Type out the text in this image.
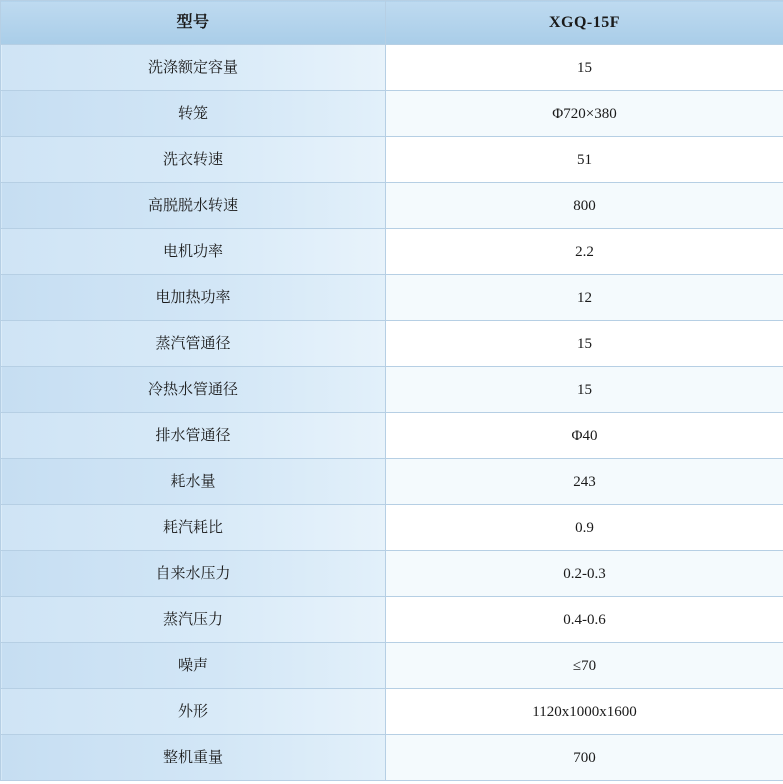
型号	XGQ-15F
洗涤额定容量	15
转笼	Φ720×380
洗衣转速	51
高脱脱水转速	800
电机功率	2.2
电加热功率	12
蒸汽管通径	15
冷热水管通径	15
排水管通径	Φ40
耗水量	243
耗汽耗比	0.9
自来水压力	0.2-0.3
蒸汽压力	0.4-0.6
噪声	≤70
外形	1120x1000x1600
整机重量	700
